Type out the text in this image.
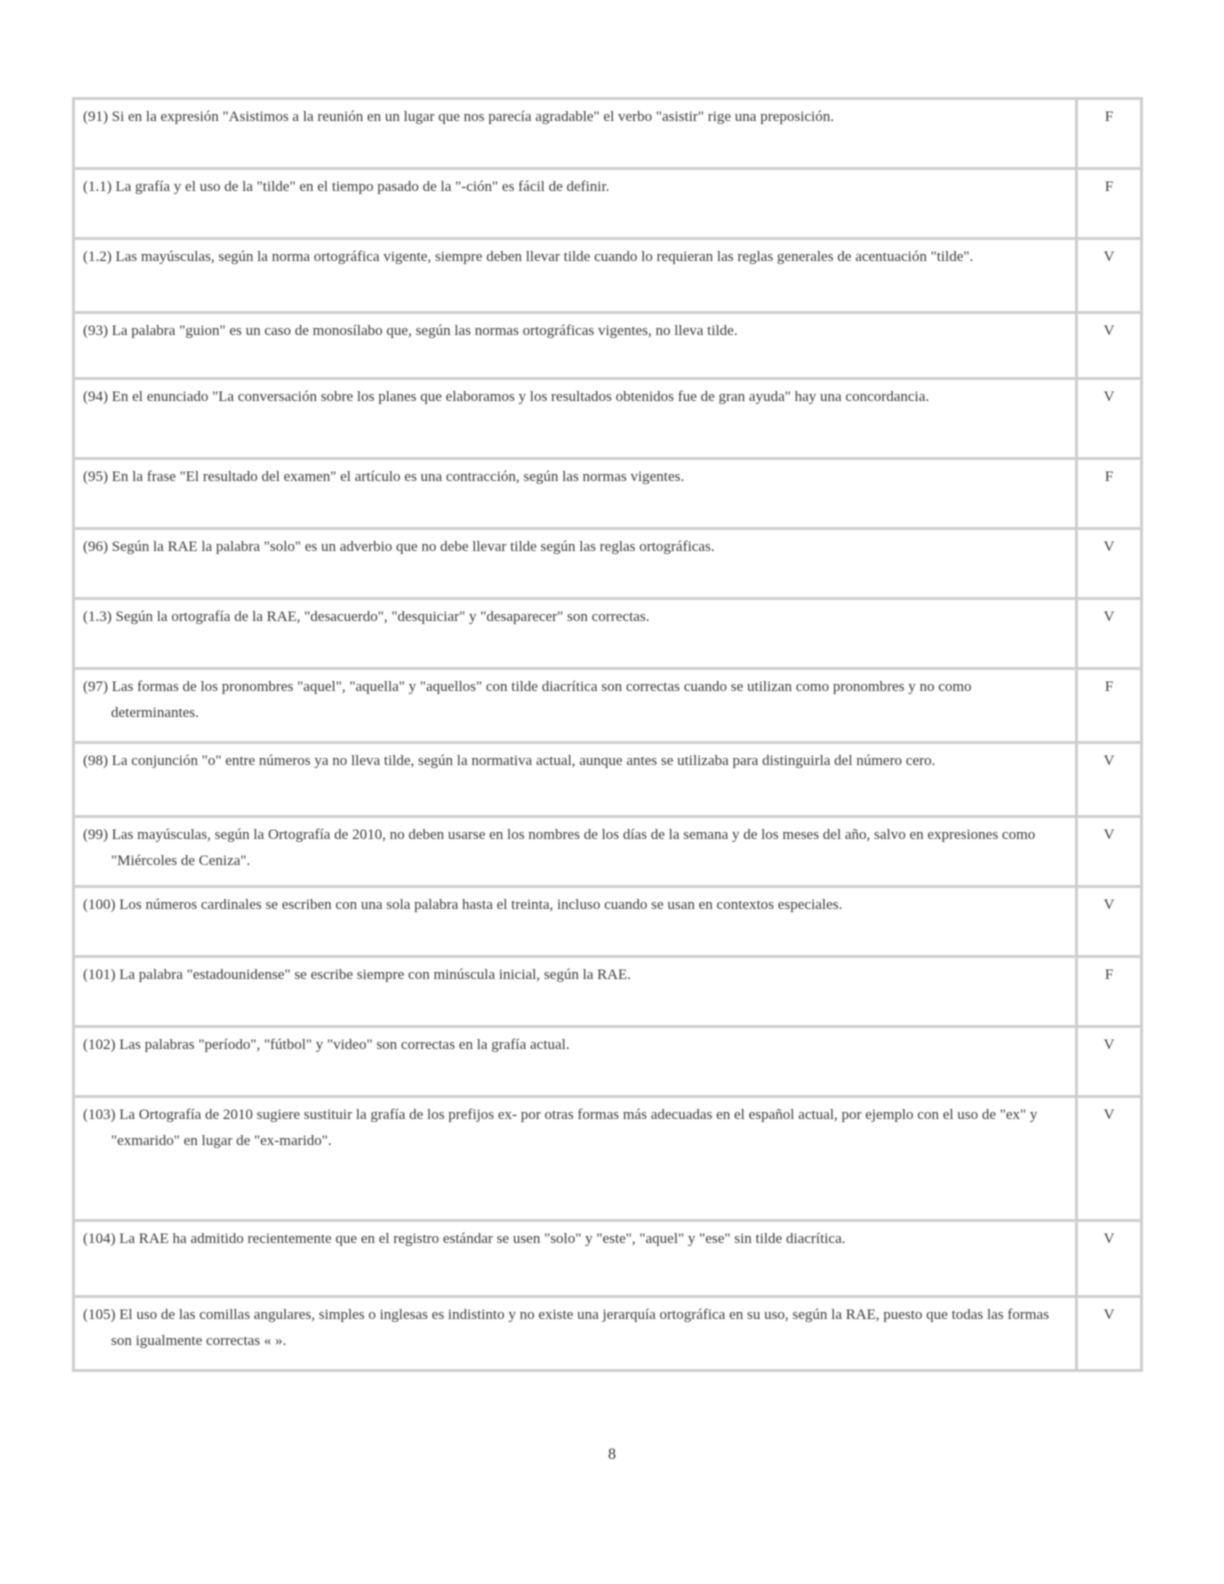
(91) Si en la expresión "Asistimos a la reunión en un lugar que nos parecía agradable" el verbo "asistir" rige una preposición.	F
(1.1) La grafía y el uso de la "tilde" en el tiempo pasado de la "-ción" es fácil de definir.	F
(1.2) Las mayúsculas, según la norma ortográfica vigente, siempre deben llevar tilde cuando lo requieran las reglas generales de acentuación "tilde".	V
(93) La palabra "guion" es un caso de monosílabo que, según las normas ortográficas vigentes, no lleva tilde.	V
(94) En el enunciado "La conversación sobre los planes que elaboramos y los resultados obtenidos fue de gran ayuda" hay una concordancia.	V
(95) En la frase "El resultado del examen" el artículo es una contracción, según las normas vigentes.	F
(96) Según la RAE la palabra "solo" es un adverbio que no debe llevar tilde según las reglas ortográficas.	V
(1.3) Según la ortografía de la RAE, "desacuerdo", "desquiciar" y "desaparecer" son correctas.	V
(97) Las formas de los pronombres "aquel", "aquella" y "aquellos" con tilde diacrítica son correctas cuando se utilizan como pronombres y no como determinantes.	F
(98) La conjunción "o" entre números ya no lleva tilde, según la normativa actual, aunque antes se utilizaba para distinguirla del número cero.	V
(99) Las mayúsculas, según la Ortografía de 2010, no deben usarse en los nombres de los días de la semana y de los meses del año, salvo en expresiones como "Miércoles de Ceniza".	V
(100) Los números cardinales se escriben con una sola palabra hasta el treinta, incluso cuando se usan en contextos especiales.	V
(101) La palabra "estadounidense" se escribe siempre con minúscula inicial, según la RAE.	F
(102) Las palabras "período", "fútbol" y "video" son correctas en la grafía actual.	V
(103) La Ortografía de 2010 sugiere sustituir la grafía de los prefijos ex- por otras formas más adecuadas en el español actual, por ejemplo con el uso de "ex" y "exmarido" en lugar de "ex-marido".	V
(104) La RAE ha admitido recientemente que en el registro estándar se usen "solo" y "este", "aquel" y "ese" sin tilde diacrítica.	V
(105) El uso de las comillas angulares, simples o inglesas es indistinto y no existe una jerarquía ortográfica en su uso, según la RAE, puesto que todas las formas son igualmente correctas « ».	V
8
